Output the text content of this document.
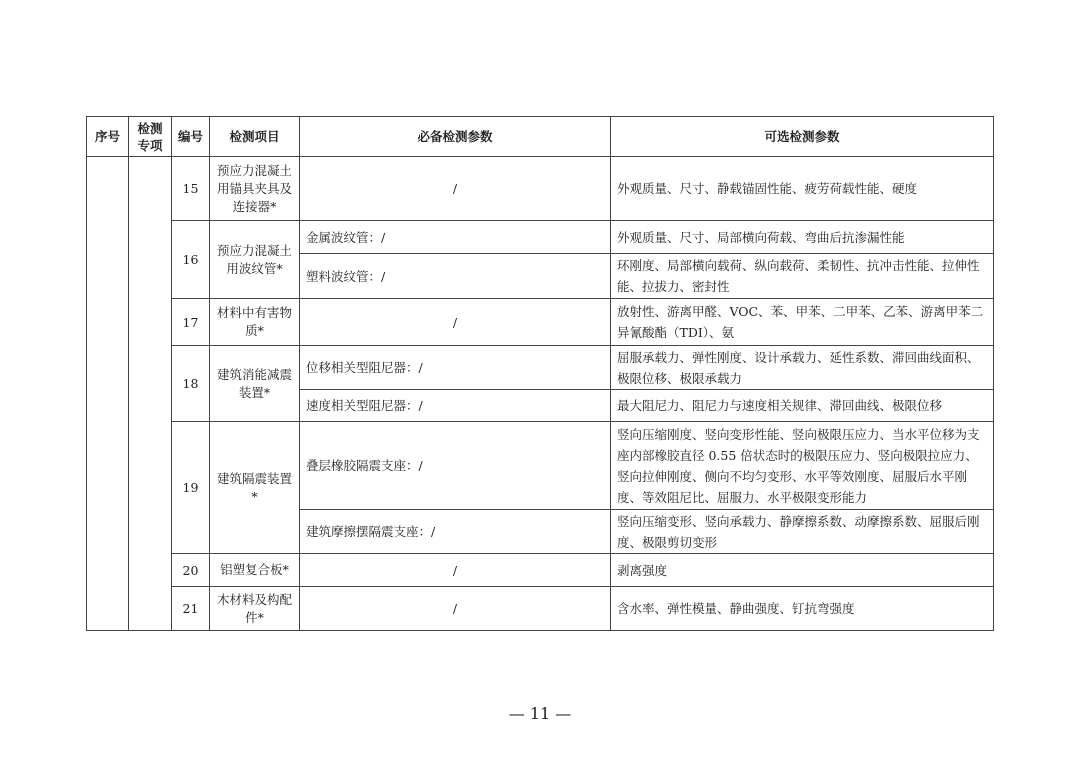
序号	检测专项	编号	检测项目	必备检测参数	可选检测参数
		15	预应力混凝土用锚具夹具及连接器*	/	外观质量、尺寸、静载锚固性能、疲劳荷载性能、硬度
		16	预应力混凝土用波纹管*	金属波纹管：/	外观质量、尺寸、局部横向荷载、弯曲后抗渗漏性能
				塑料波纹管：/	环刚度、局部横向载荷、纵向载荷、柔韧性、抗冲击性能、拉伸性能、拉拔力、密封性
		17	材料中有害物质*	/	放射性、游离甲醛、VOC、苯、甲苯、二甲苯、乙苯、游离甲苯二异氰酸酯（TDI）、氨
		18	建筑消能减震装置*	位移相关型阻尼器：/	屈服承载力、弹性刚度、设计承载力、延性系数、滞回曲线面积、极限位移、极限承载力
				速度相关型阻尼器：/	最大阻尼力、阻尼力与速度相关规律、滞回曲线、极限位移
		19	建筑隔震装置*	叠层橡胶隔震支座：/	竖向压缩刚度、竖向变形性能、竖向极限压应力、当水平位移为支座内部橡胶直径 0.55 倍状态时的极限压应力、竖向极限拉应力、竖向拉伸刚度、侧向不均匀变形、水平等效刚度、屈服后水平刚度、等效阻尼比、屈服力、水平极限变形能力
				建筑摩擦摆隔震支座：/	竖向压缩变形、竖向承载力、静摩擦系数、动摩擦系数、屈服后刚度、极限剪切变形
		20	铝塑复合板*	/	剥离强度
		21	木材料及构配件*	/	含水率、弹性模量、静曲强度、钉抗弯强度
— 11 —
